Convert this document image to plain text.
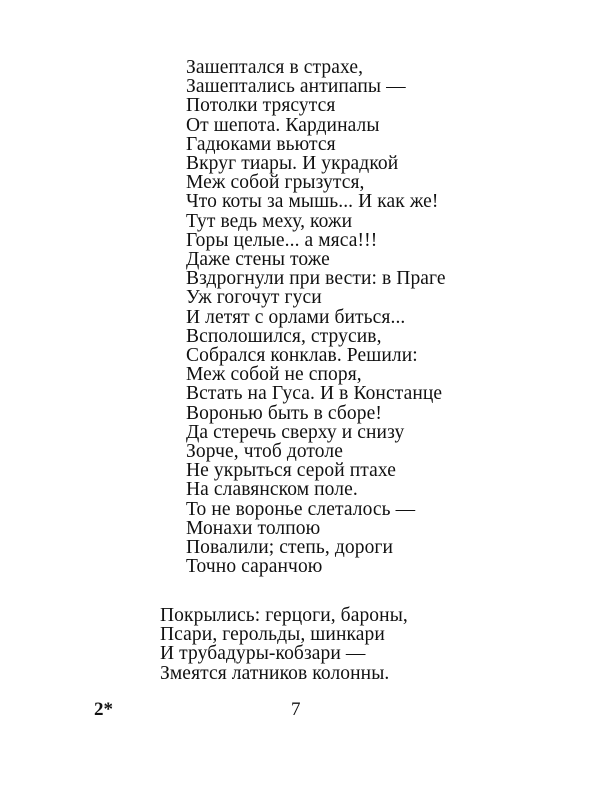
Зашептался в страхе,
Зашептались антипапы —
Потолки трясутся
От шепота. Кардиналы
Гадюками вьются
Вкруг тиары. И украдкой
Меж собой грызутся,
Что коты за мышь... И как же!
Тут ведь меху, кожи
Горы целые... а мяса!!!
Даже стены тоже
Вздрогнули при вести: в Праге
Уж гогочут гуси
И летят с орлами биться...
Всполошился, струсив,
Собрался конклав. Решили:
Меж собой не споря,
Встать на Гуса. И в Констанце
Воронью быть в сборе!
Да стеречь сверху и снизу
Зорче, чтоб дотоле
Не укрыться серой птахе
На славянском поле.
То не воронье слеталось —
Монахи толпою
Повалили; степь, дороги
Точно саранчою
Покрылись: герцоги, бароны,
Псари, герольды, шинкари
И трубадуры-кобзари —
Змеятся латников колонны.
2*	7
